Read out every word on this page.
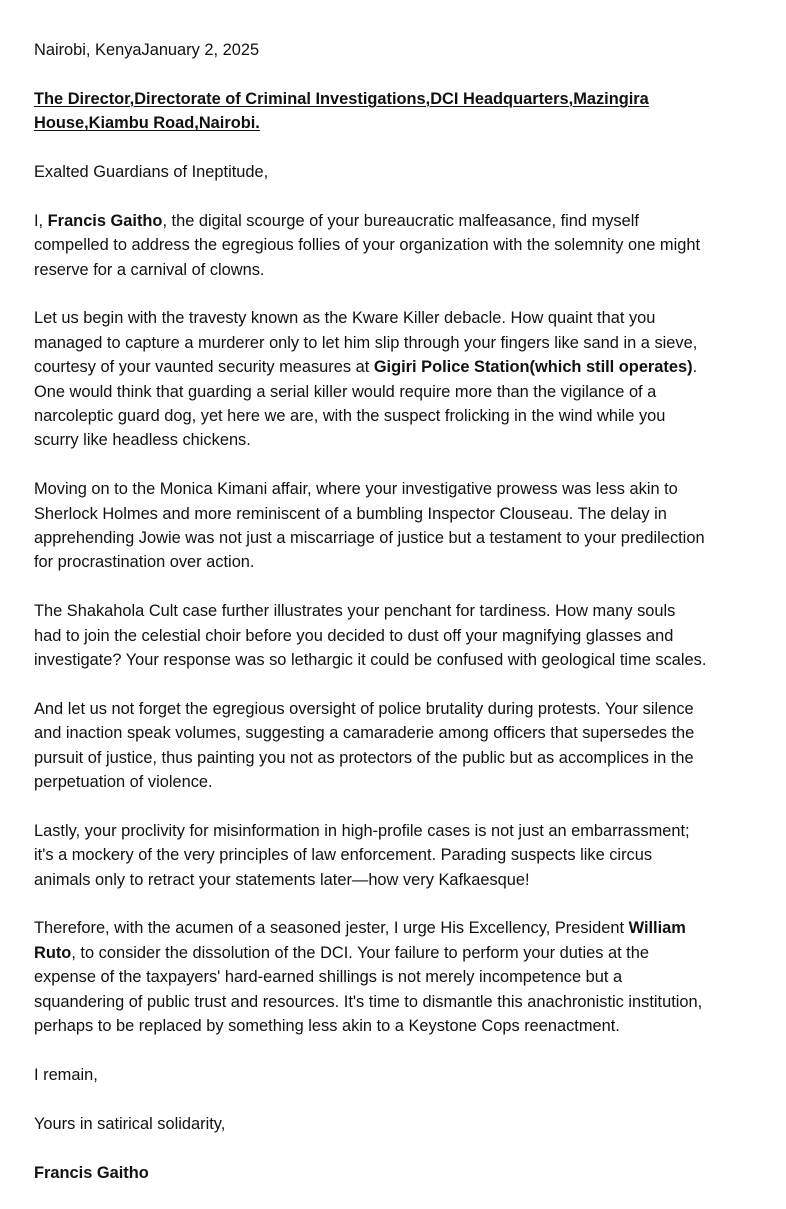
Nairobi, KenyaJanuary 2, 2025
The Director,Directorate of Criminal Investigations,DCI Headquarters,Mazingira
House,Kiambu Road,Nairobi.
Exalted Guardians of Ineptitude,
I, Francis Gaitho, the digital scourge of your bureaucratic malfeasance, find myself
compelled to address the egregious follies of your organization with the solemnity one might
reserve for a carnival of clowns.
Let us begin with the travesty known as the Kware Killer debacle. How quaint that you
managed to capture a murderer only to let him slip through your fingers like sand in a sieve,
courtesy of your vaunted security measures at Gigiri Police Station(which still operates).
One would think that guarding a serial killer would require more than the vigilance of a
narcoleptic guard dog, yet here we are, with the suspect frolicking in the wind while you
scurry like headless chickens.
Moving on to the Monica Kimani affair, where your investigative prowess was less akin to
Sherlock Holmes and more reminiscent of a bumbling Inspector Clouseau. The delay in
apprehending Jowie was not just a miscarriage of justice but a testament to your predilection
for procrastination over action.
The Shakahola Cult case further illustrates your penchant for tardiness. How many souls
had to join the celestial choir before you decided to dust off your magnifying glasses and
investigate? Your response was so lethargic it could be confused with geological time scales.
And let us not forget the egregious oversight of police brutality during protests. Your silence
and inaction speak volumes, suggesting a camaraderie among officers that supersedes the
pursuit of justice, thus painting you not as protectors of the public but as accomplices in the
perpetuation of violence.
Lastly, your proclivity for misinformation in high-profile cases is not just an embarrassment;
it's a mockery of the very principles of law enforcement. Parading suspects like circus
animals only to retract your statements later—how very Kafkaesque!
Therefore, with the acumen of a seasoned jester, I urge His Excellency, President William
Ruto, to consider the dissolution of the DCI. Your failure to perform your duties at the
expense of the taxpayers' hard-earned shillings is not merely incompetence but a
squandering of public trust and resources. It's time to dismantle this anachronistic institution,
perhaps to be replaced by something less akin to a Keystone Cops reenactment.
I remain,
Yours in satirical solidarity,
Francis Gaitho
